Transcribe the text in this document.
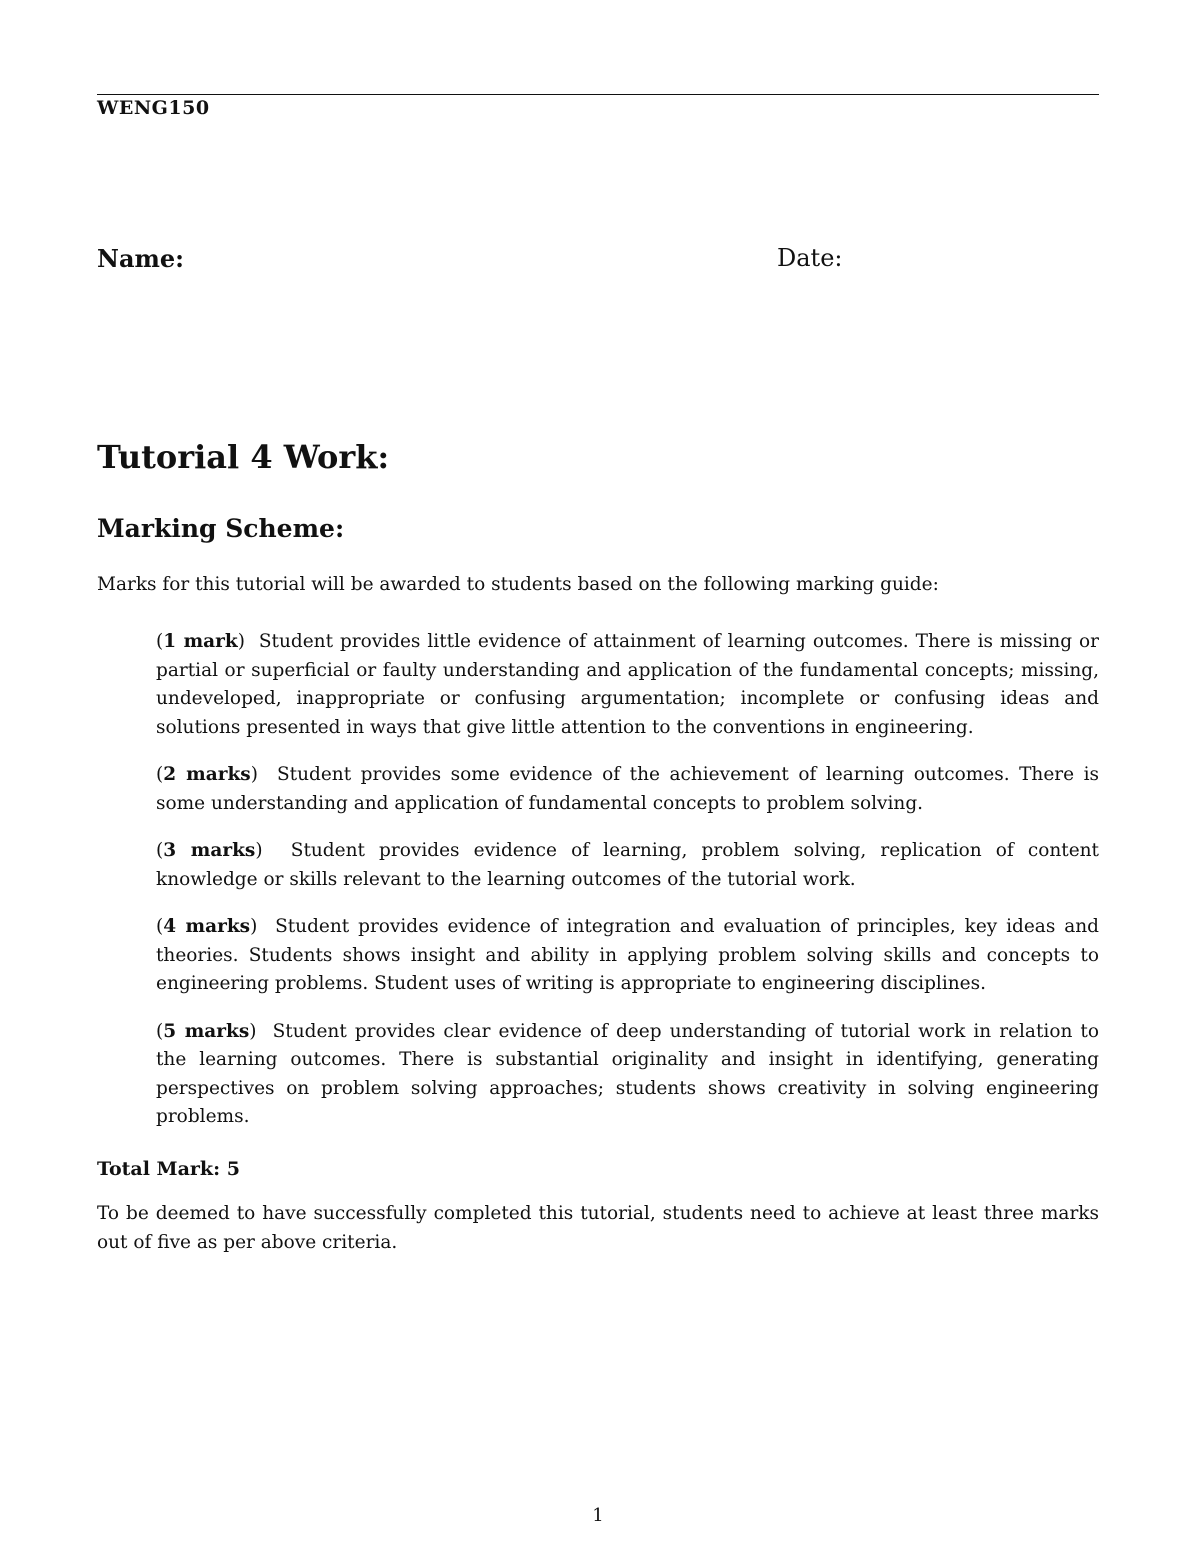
WENG150
Name:	Date:
Tutorial 4 Work:
Marking Scheme:
Marks for this tutorial will be awarded to students based on the following marking guide:
(1 mark) Student provides little evidence of attainment of learning outcomes. There is missing or partial or superficial or faulty understanding and application of the fundamental concepts; missing, undeveloped, inappropriate or confusing argumentation; incomplete or confusing ideas and solutions presented in ways that give little attention to the conventions in engineering.
(2 marks) Student provides some evidence of the achievement of learning outcomes. There is some understanding and application of fundamental concepts to problem solving.
(3 marks) Student provides evidence of learning, problem solving, replication of content knowledge or skills relevant to the learning outcomes of the tutorial work.
(4 marks) Student provides evidence of integration and evaluation of principles, key ideas and theories. Students shows insight and ability in applying problem solving skills and concepts to engineering problems. Student uses of writing is appropriate to engineering disciplines.
(5 marks) Student provides clear evidence of deep understanding of tutorial work in relation to the learning outcomes. There is substantial originality and insight in identifying, generating perspectives on problem solving approaches; students shows creativity in solving engineering problems.
Total Mark: 5
To be deemed to have successfully completed this tutorial, students need to achieve at least three marks out of five as per above criteria.
1
